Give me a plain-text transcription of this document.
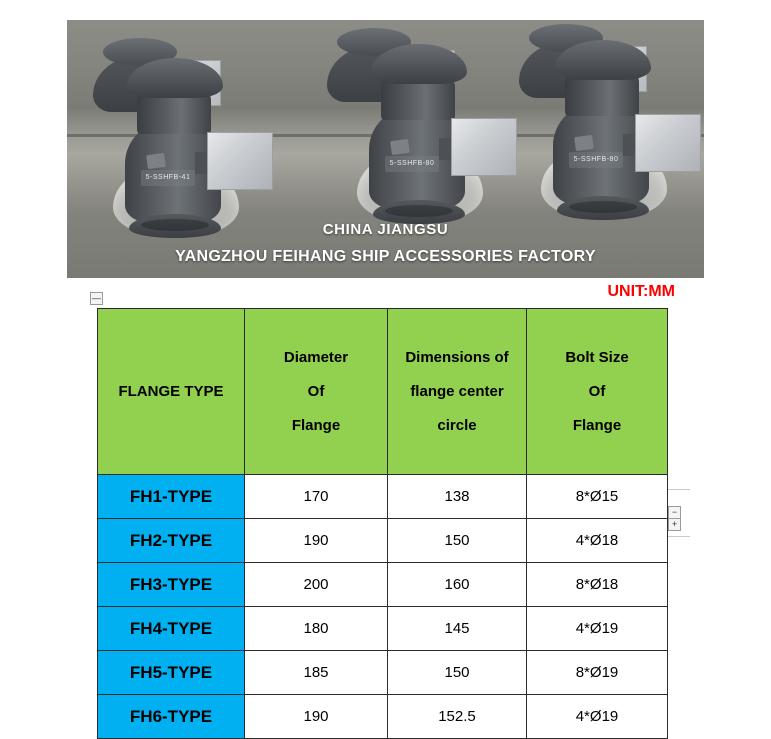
5-SSHFB-41
5-SSHFB-80
5-SSHFB-80
CHINA JIANGSU
YANGZHOU FEIHANG SHIP ACCESSORIES FACTORY
UNIT:MM
—
−
+
FLANGE TYPE

Diameter
Of
Flange

Dimensions of
flange center
circle

Bolt Size
Of
Flange

FH1-TYPE	170	138	8*Ø15
FH2-TYPE	190	150	4*Ø18
FH3-TYPE	200	160	8*Ø18
FH4-TYPE	180	145	4*Ø19
FH5-TYPE	185	150	8*Ø19
FH6-TYPE	190	152.5	4*Ø19
